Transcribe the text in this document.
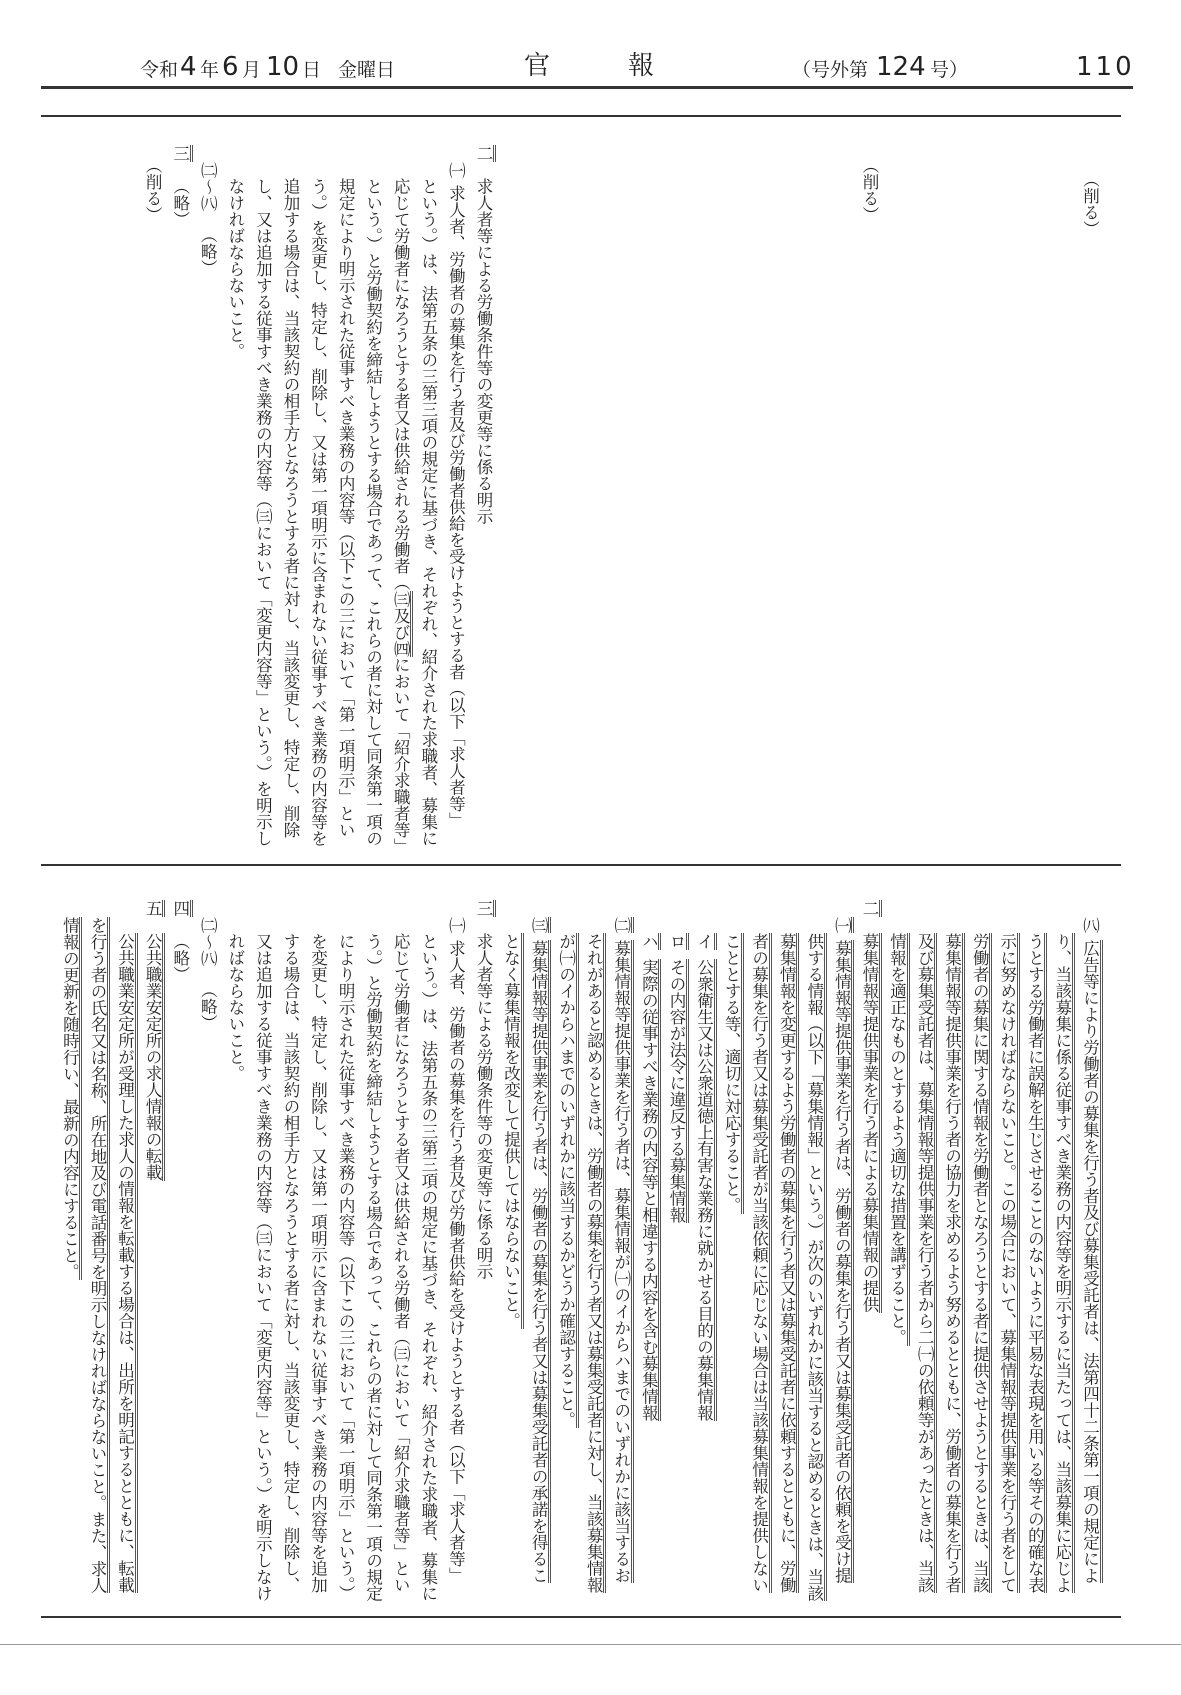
令和 4 年 6 月 10 日 金曜日	官	報	（号外第 124 号）	110
（削る）
（削る）
二求人者等による労働条件等の変更等に係る明示
㈠求人者、労働者の募集を行う者及び労働者供給を受けようとする者（以下「求人者等」
という。）は、法第五条の三第三項の規定に基づき、それぞれ、紹介された求職者、募集に
応じて労働者になろうとする者又は供給される労働者（㈢及び㈣において「紹介求職者等」
という。）と労働契約を締結しようとする場合であって、これらの者に対して同条第一項の
規定により明示された従事すべき業務の内容等（以下この三において「第一項明示」とい
う。）を変更し、特定し、削除し、又は第一項明示に含まれない従事すべき業務の内容等を
追加する場合は、当該契約の相手方となろうとする者に対し、当該変更し、特定し、削除
し、又は追加する従事すべき業務の内容等（㈢において「変更内容等」という。）を明示し
なければならないこと。
㈡～㈧　（略）
三（略）
（削る）
㈧広告等により労働者の募集を行う者及び募集受託者は、法第四十二条第一項の規定によ
り、当該募集に係る従事すべき業務の内容等を明示するに当たっては、当該募集に応じよ
うとする労働者に誤解を生じさせることのないように平易な表現を用いる等その的確な表
示に努めなければならないこと。この場合において、募集情報等提供事業を行う者をして
労働者の募集に関する情報を労働者となろうとする者に提供させようとするときは、当該
募集情報等提供事業を行う者の協力を求めるよう努めるとともに、労働者の募集を行う者
及び募集受託者は、募集情報等提供事業を行う者から二㈠の依頼等があったときは、当該
情報を適正なものとするよう適切な措置を講ずること。
二募集情報等提供事業を行う者による募集情報の提供
㈠募集情報等提供事業を行う者は、労働者の募集を行う者又は募集受託者の依頼を受け提
供する情報（以下「募集情報」という。）が次のいずれかに該当すると認めるときは、当該
募集情報を変更するよう労働者の募集を行う者又は募集受託者に依頼するとともに、労働
者の募集を行う者又は募集受託者が当該依頼に応じない場合は当該募集情報を提供しない
こととする等、適切に対応すること。
イ公衆衛生又は公衆道徳上有害な業務に就かせる目的の募集情報
ロその内容が法令に違反する募集情報
ハ実際の従事すべき業務の内容等と相違する内容を含む募集情報
㈡募集情報等提供事業を行う者は、募集情報が㈠のイからハまでのいずれかに該当するお
それがあると認めるときは、労働者の募集を行う者又は募集受託者に対し、当該募集情報
が㈠のイからハまでのいずれかに該当するかどうか確認すること。
㈢募集情報等提供事業を行う者は、労働者の募集を行う者又は募集受託者の承諾を得るこ
となく募集情報を改変して提供してはならないこと。
三求人者等による労働条件等の変更等に係る明示
㈠求人者、労働者の募集を行う者及び労働者供給を受けようとする者（以下「求人者等」
という。）は、法第五条の三第三項の規定に基づき、それぞれ、紹介された求職者、募集に
応じて労働者になろうとする者又は供給される労働者（㈢において「紹介求職者等」とい
う。）と労働契約を締結しようとする場合であって、これらの者に対して同条第一項の規定
により明示された従事すべき業務の内容等（以下この三において「第一項明示」という。）
を変更し、特定し、削除し、又は第一項明示に含まれない従事すべき業務の内容等を追加
する場合は、当該契約の相手方となろうとする者に対し、当該変更し、特定し、削除し、
又は追加する従事すべき業務の内容等（㈢において「変更内容等」という。）を明示しなけ
ればならないこと。
㈡～㈧　（略）
四（略）
五公共職業安定所の求人情報の転載
公共職業安定所が受理した求人の情報を転載する場合は、出所を明記するとともに、転載
を行う者の氏名又は名称、所在地及び電話番号を明示しなければならないこと。また、求人
情報の更新を随時行い、最新の内容にすること。
